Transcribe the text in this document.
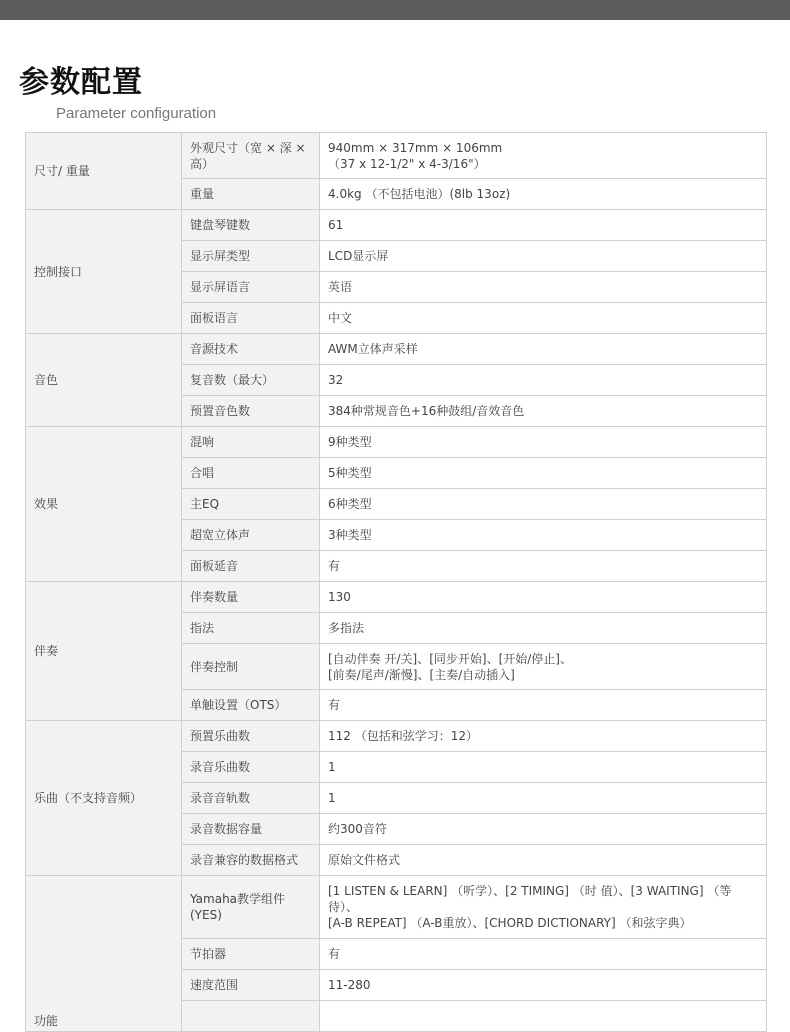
参数配置
Parameter configuration
尺寸/ 重量	外观尺寸（宽 × 深 × 高）	940mm × 317mm × 106mm
（37 x 12-1/2" x 4-3/16"）
	重量	4.0kg （不包括电池）(8lb 13oz)
控制接口	键盘琴键数	61
	显示屏类型	LCD显示屏
	显示屏语言	英语
	面板语言	中文
音色	音源技术	AWM立体声采样
	复音数（最大）	32
	预置音色数	384种常规音色+16种鼓组/音效音色
效果	混响	9种类型
	合唱	5种类型
	主EQ	6种类型
	超宽立体声	3种类型
	面板延音	有
伴奏	伴奏数量	130
	指法	多指法
	伴奏控制	[自动伴奏 开/关]、[同步开始]、[开始/停止]、
[前奏/尾声/渐慢]、[主奏/自动插入]
	单触设置（OTS）	有
乐曲（不支持音频）	预置乐曲数	112 （包括和弦学习：12）
	录音乐曲数	1
	录音音轨数	1
	录音数据容量	约300音符
	录音兼容的数据格式	原始文件格式
功能	Yamaha教学组件 (YES)	[1 LISTEN & LEARN] （听学）、[2 TIMING] （时 值）、[3 WAITING] （等待）、
[A-B REPEAT] （A-B重放）、[CHORD DICTIONARY] （和弦字典）
	节拍器	有
	速度范围	11-280
